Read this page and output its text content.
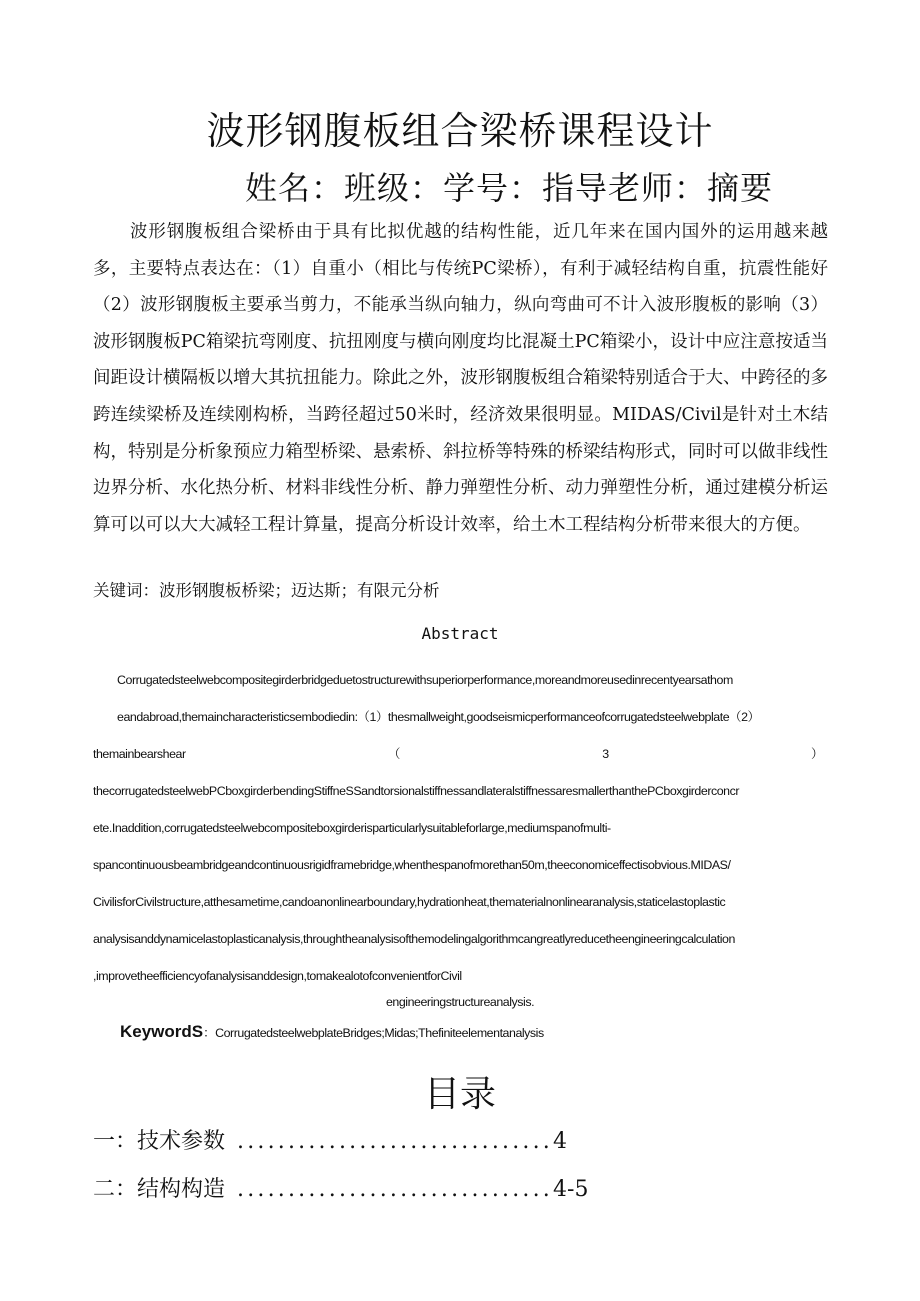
波形钢腹板组合梁桥课程设计
姓名：班级：学号：指导老师：摘要
波形钢腹板组合梁桥由于具有比拟优越的结构性能，近几年来在国内国外的运用越来越多，主要特点表达在：（1）自重小（相比与传统PC梁桥），有利于减轻结构自重，抗震性能好（2）波形钢腹板主要承当剪力，不能承当纵向轴力，纵向弯曲可不计入波形腹板的影响（3）波形钢腹板PC箱梁抗弯刚度、抗扭刚度与横向刚度均比混凝土PC箱梁小，设计中应注意按适当间距设计横隔板以增大其抗扭能力。除此之外，波形钢腹板组合箱梁特别适合于大、中跨径的多跨连续梁桥及连续刚构桥，当跨径超过50米时，经济效果很明显。MIDAS/Civil是针对土木结构，特别是分析象预应力箱型桥梁、悬索桥、斜拉桥等特殊的桥梁结构形式，同时可以做非线性边界分析、水化热分析、材料非线性分析、静力弹塑性分析、动力弹塑性分析，通过建模分析运算可以可以大大减轻工程计算量，提高分析设计效率，给土木工程结构分析带来很大的方便。
关键词：波形钢腹板桥梁；迈达斯；有限元分析
Abstract
Corrugatedsteelwebcompositegirderbridgeduetostructurewithsuperiorperformance,moreandmoreusedinrecentyearsathom
eandabroad,themaincharacteristicsembodiedin:（1）thesmallweight,goodseismicperformanceofcorrugatedsteelwebplate（2）
themainbearshear	（	3	）
thecorrugatedsteelwebPCboxgirderbendingStiffneSSandtorsionalstiffnessandlateralstiffnessaresmallerthanthePCboxgirderconcr
ete.Inaddition,corrugatedsteelwebcompositeboxgirderisparticularlysuitableforlarge,mediumspanofmulti-
spancontinuousbeambridgeandcontinuousrigidframebridge,whenthespanofmorethan50m,theeconomiceffectisobvious.MIDAS/
CivilisforCivilstructure,atthesametime,candoanonlinearboundary,hydrationheat,thematerialnonlinearanalysis,staticelastoplastic
analysisanddynamicelastoplasticanalysis,throughtheanalysisofthemodelingalgorithmcangreatlyreducetheengineeringcalculation
,improvetheefficiencyofanalysisanddesign,tomakealotofconvenientforCivil
engineeringstructureanalysis.
KeywordS：CorrugatedsteelwebplateBridges;Midas;Thefiniteelementanalysis
目录
一：技术参数 ...............................4
二：结构构造 ...............................4-5
